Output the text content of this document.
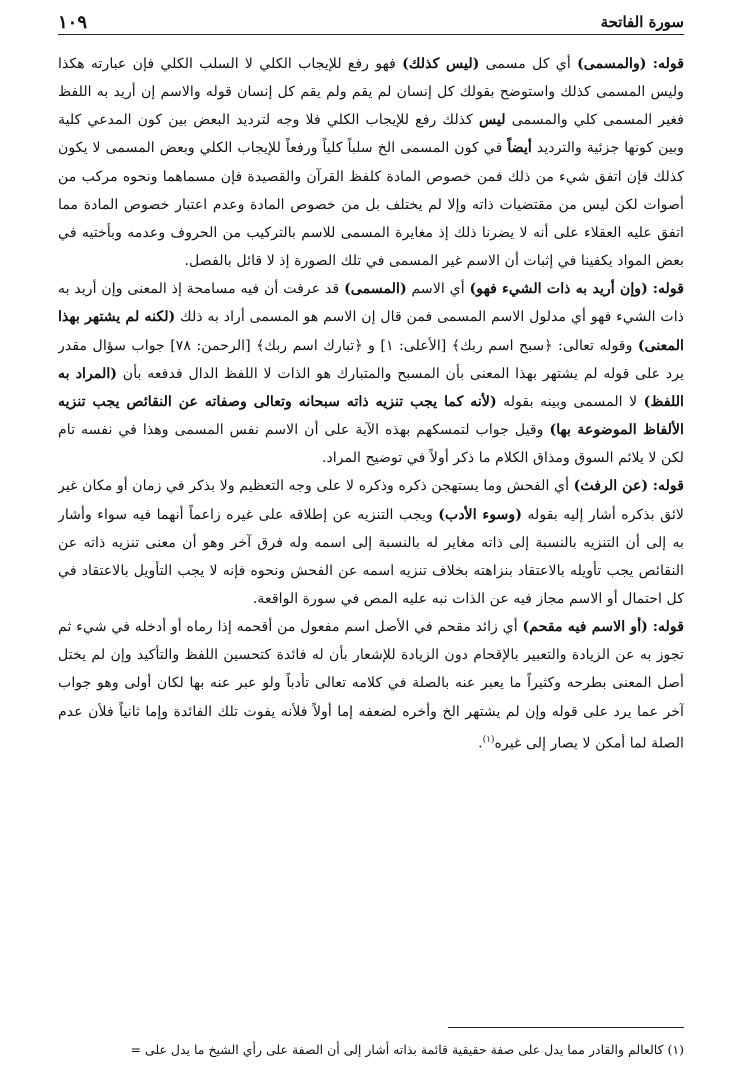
سورة الفاتحة
١٠٩

قوله: (والمسمى) أي كل مسمى (ليس كذلك) فهو رفع للإيجاب الكلي لا السلب الكلي فإن عبارته هكذا وليس المسمى كذلك واستوضح بقولك كل إنسان لم يقم ولم يقم كل إنسان قوله والاسم إن أريد به اللفظ فغير المسمى كلي والمسمى ليس كذلك رفع للإيجاب الكلي فلا وجه لترديد البعض بين كون المدعي كلية وبين كونها جزئية والترديد أيضاً في كون المسمى الخ سلباً كلياً ورفعاً للإيجاب الكلي وبعض المسمى لا يكون كذلك فإن اتفق شيء من ذلك فمن خصوص المادة كلفظ القرآن والقصيدة فإن مسماهما ونحوه مركب من أصوات لكن ليس من مقتضيات ذاته وإلا لم يختلف بل من خصوص المادة وعدم اعتبار خصوص المادة مما اتفق عليه العقلاء على أنه لا يضرنا ذلك إذ مغايرة المسمى للاسم بالتركيب من الحروف وعدمه وبأختيه في بعض المواد يكفينا في إثبات أن الاسم غير المسمى في تلك الصورة إذ لا قائل بالفصل.

قوله: (وإن أريد به ذات الشيء فهو) أي الاسم (المسمى) قد عرفت أن فيه مسامحة إذ المعنى وإن أريد به ذات الشيء فهو أي مدلول الاسم المسمى فمن قال إن الاسم هو المسمى أراد به ذلك (لكنه لم يشتهر بهذا المعنى) وقوله تعالى: ﴿سبح اسم ربك﴾ [الأعلى: ١] و ﴿تبارك اسم ربك﴾ [الرحمن: ٧٨] جواب سؤال مقدر يرد على قوله لم يشتهر بهذا المعنى بأن المسبح والمتبارك هو الذات لا اللفظ الدال فدفعه بأن (المراد به اللفظ) لا المسمى وبينه بقوله (لأنه كما يجب تنزيه ذاته سبحانه وتعالى وصفاته عن النقائص يجب تنزيه الألفاظ الموضوعة بها) وقيل جواب لتمسكهم بهذه الآية على أن الاسم نفس المسمى وهذا في نفسه تام لكن لا يلائم السوق ومذاق الكلام ما ذكر أولاً في توضيح المراد.

قوله: (عن الرفث) أي الفحش وما يستهجن ذكره وذكره لا على وجه التعظيم ولا بذكر في زمان أو مكان غير لائق بذكره أشار إليه بقوله (وسوء الأدب) ويجب التنزيه عن إطلاقه على غيره زاعماً أنهما فيه سواء وأشار به إلى أن التنزيه بالنسبة إلى ذاته مغاير له بالنسبة إلى اسمه وله فرق آخر وهو أن معنى تنزيه ذاته عن النقائص يجب تأويله بالاعتقاد بنزاهته بخلاف تنزيه اسمه عن الفحش ونحوه فإنه لا يجب التأويل بالاعتقاد في كل احتمال أو الاسم مجاز فيه عن الذات نبه عليه المص في سورة الواقعة.

قوله: (أو الاسم فيه مقحم) أي زائد مقحم في الأصل اسم مفعول من أقحمه إذا رماه أو أدخله في شيء ثم تجوز به عن الزيادة والتعبير بالإقحام دون الزيادة للإشعار بأن له فائدة كتحسين اللفظ والتأكيد وإن لم يختل أصل المعنى بطرحه وكثيراً ما يعبر عنه بالصلة في كلامه تعالى تأدباً ولو عبر عنه بها لكان أولى وهو جواب آخر عما يرد على قوله وإن لم يشتهر الخ وأخره لضعفه إما أولاً فلأنه يفوت تلك الفائدة وإما ثانياً فلأن عدم الصلة لما أمكن لا يصار إلى غيره$^{(١)}$.

(١) كالعالم والقادر مما يدل على صفة حقيقية قائمة بذاته أشار إلى أن الصفة على رأي الشيخ ما يدل على =
